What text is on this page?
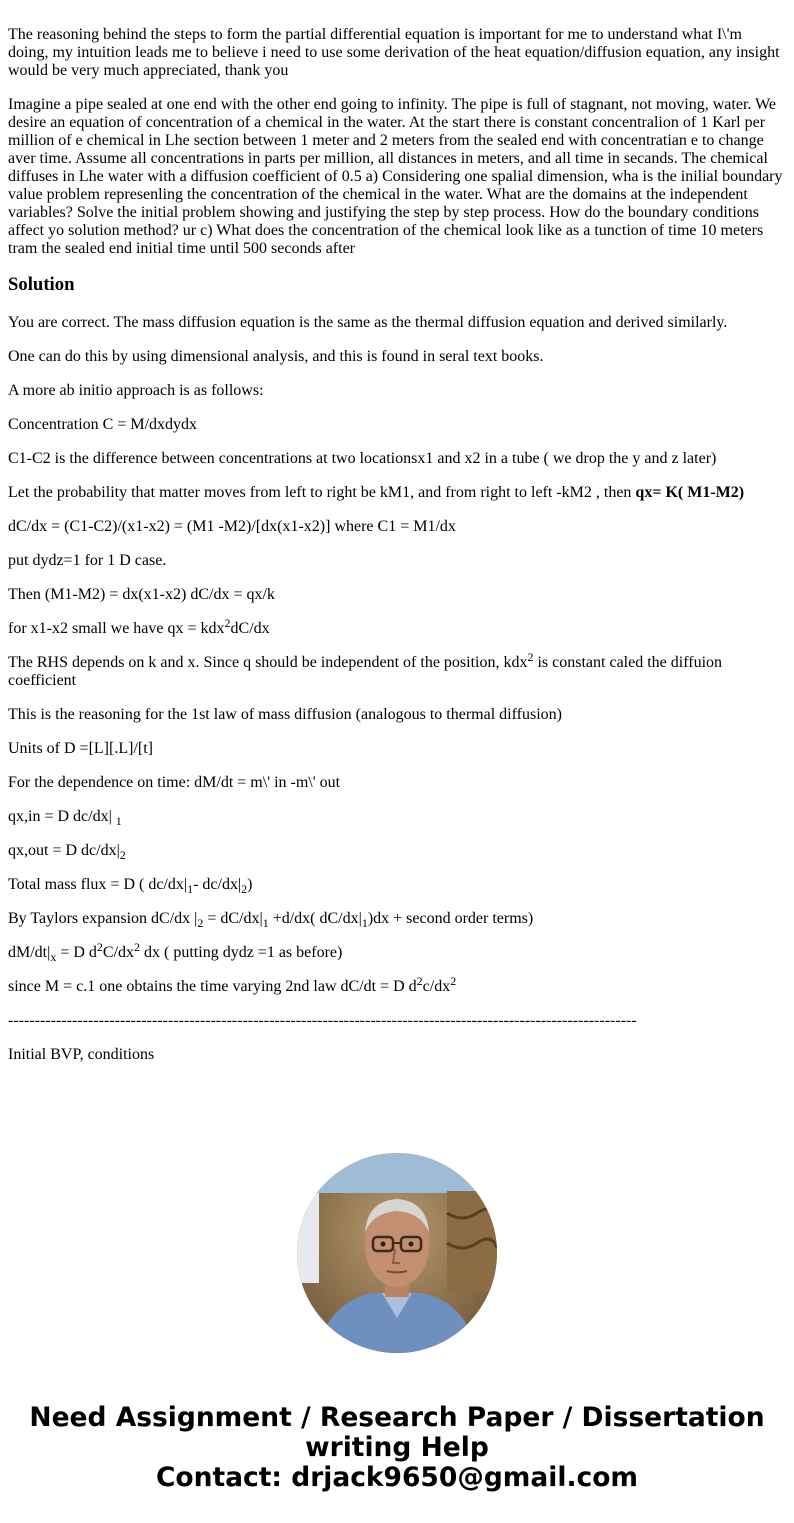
The reasoning behind the steps to form the partial differential equation is important for me to understand what I\'m doing, my intuition leads me to believe i need to use some derivation of the heat equation/diffusion equation, any insight would be very much appreciated, thank you

Imagine a pipe sealed at one end with the other end going to infinity. The pipe is full of stagnant, not moving, water. We desire an equation of concentration of a chemical in the water. At the start there is constant concentralion of 1 Karl per million of e chemical in Lhe section between 1 meter and 2 meters from the sealed end with concentratian e to change aver time. Assume all concentrations in parts per million, all distances in meters, and all time in secands. The chemical diffuses in Lhe water with a diffusion coefficient of 0.5 a) Considering one spalial dimension, wha is the inilial boundary value problem represenling the concentration of the chemical in the water. What are the domains at the independent variables? Solve the initial problem showing and justifying the step by step process. How do the boundary conditions affect yo solution method? ur c) What does the concentration of the chemical look like as a tunction of time 10 meters tram the sealed end initial time until 500 seconds after

Solution

You are correct. The mass diffusion equation is the same as the thermal diffusion equation and derived similarly.

One can do this by using dimensional analysis, and this is found in seral text books.

A more ab initio approach is as follows:

Concentration C = M/dxdydx

C1-C2 is the difference between concentrations at two locationsx1 and x2 in a tube ( we drop the y and z later)

Let the probability that matter moves from left to right be kM1, and from right to left -kM2 , then qx= K( M1-M2)

dC/dx = (C1-C2)/(x1-x2) = (M1 -M2)/[dx(x1-x2)] where C1 = M1/dx

put dydz=1 for 1 D case.

Then (M1-M2) = dx(x1-x2) dC/dx = qx/k

for x1-x2 small we have qx = kdx$^2$dC/dx

The RHS depends on k and x. Since q should be independent of the position, kdx$^2$ is constant caled the diffuion coefficient

This is the reasoning for the 1st law of mass diffusion (analogous to thermal diffusion)

Units of D =[L][.L]/[t]

For the dependence on time: dM/dt = m\' in -m\' out

qx,in = D dc/dx| $_1$

qx,out = D $dc/dx|_2$

Total mass flux = D ( $dc/dx|_1-$ $dc/dx|_2$)

By Taylors expansion dC/dx $|_2 = dC/dx|_1 +d/dx$( $dC/dx|_1)dx$ + second order terms)

$dM/dt|_x = D$ $d^2C/dx^2$ dx ( putting dydz =1 as before)

since M = c.1 one obtains the time varying 2nd law dC/dt = D $d^2c/dx^2$

----------------------------------------------------------------------------------------------------------------------

Initial BVP, conditions

Need Assignment / Research Paper / Dissertation
writing Help
Contact: drjack9650@gmail.com
